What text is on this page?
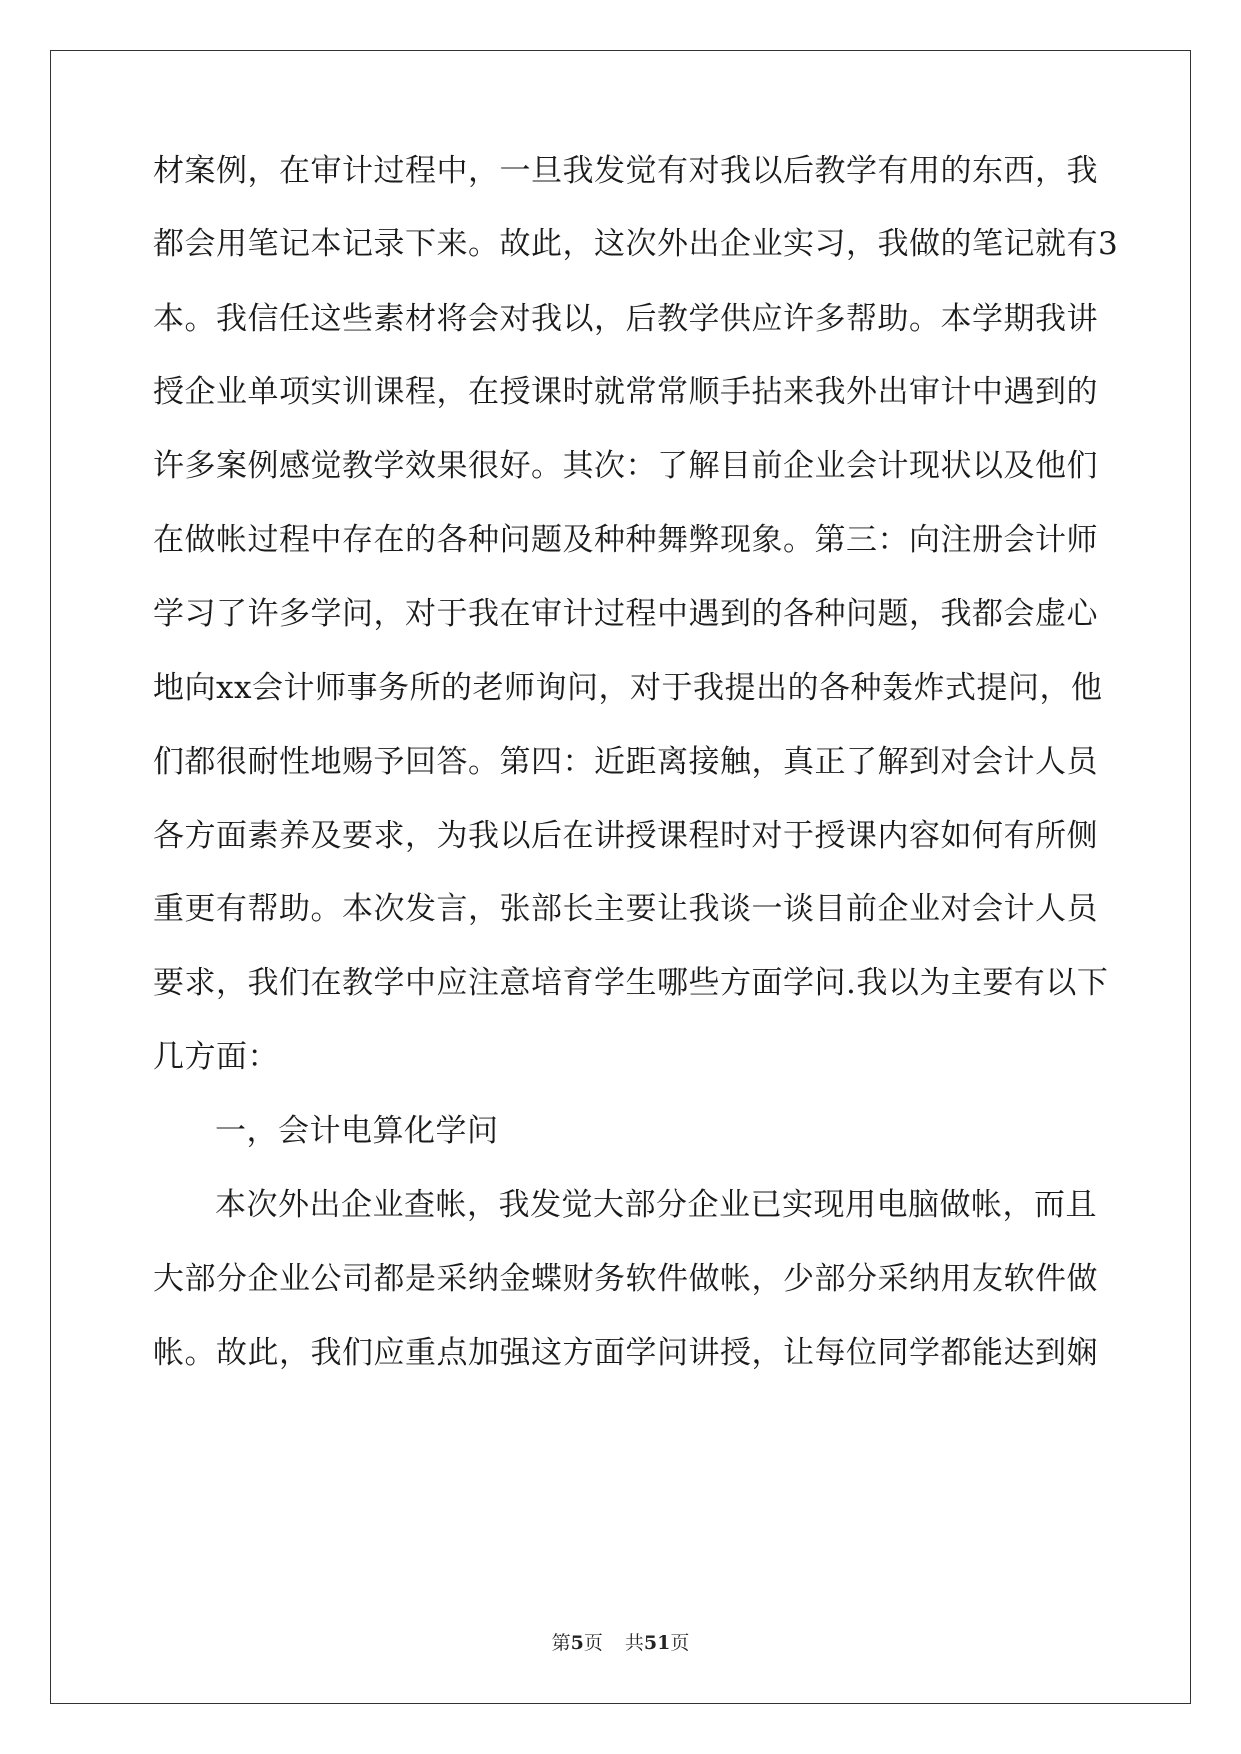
材案例，在审计过程中，一旦我发觉有对我以后教学有用的东西，我
都会用笔记本记录下来。故此，这次外出企业实习，我做的笔记就有3
本。我信任这些素材将会对我以，后教学供应许多帮助。本学期我讲
授企业单项实训课程，在授课时就常常顺手拈来我外出审计中遇到的
许多案例感觉教学效果很好。其次：了解目前企业会计现状以及他们
在做帐过程中存在的各种问题及种种舞弊现象。第三：向注册会计师
学习了许多学问，对于我在审计过程中遇到的各种问题，我都会虚心
地向xx会计师事务所的老师询问，对于我提出的各种轰炸式提问，他
们都很耐性地赐予回答。第四：近距离接触，真正了解到对会计人员
各方面素养及要求，为我以后在讲授课程时对于授课内容如何有所侧
重更有帮助。本次发言，张部长主要让我谈一谈目前企业对会计人员
要求，我们在教学中应注意培育学生哪些方面学问.我以为主要有以下
几方面：
一，会计电算化学问
本次外出企业查帐，我发觉大部分企业已实现用电脑做帐，而且
大部分企业公司都是采纳金蝶财务软件做帐，少部分采纳用友软件做
帐。故此，我们应重点加强这方面学问讲授，让每位同学都能达到娴
第5页 共51页
